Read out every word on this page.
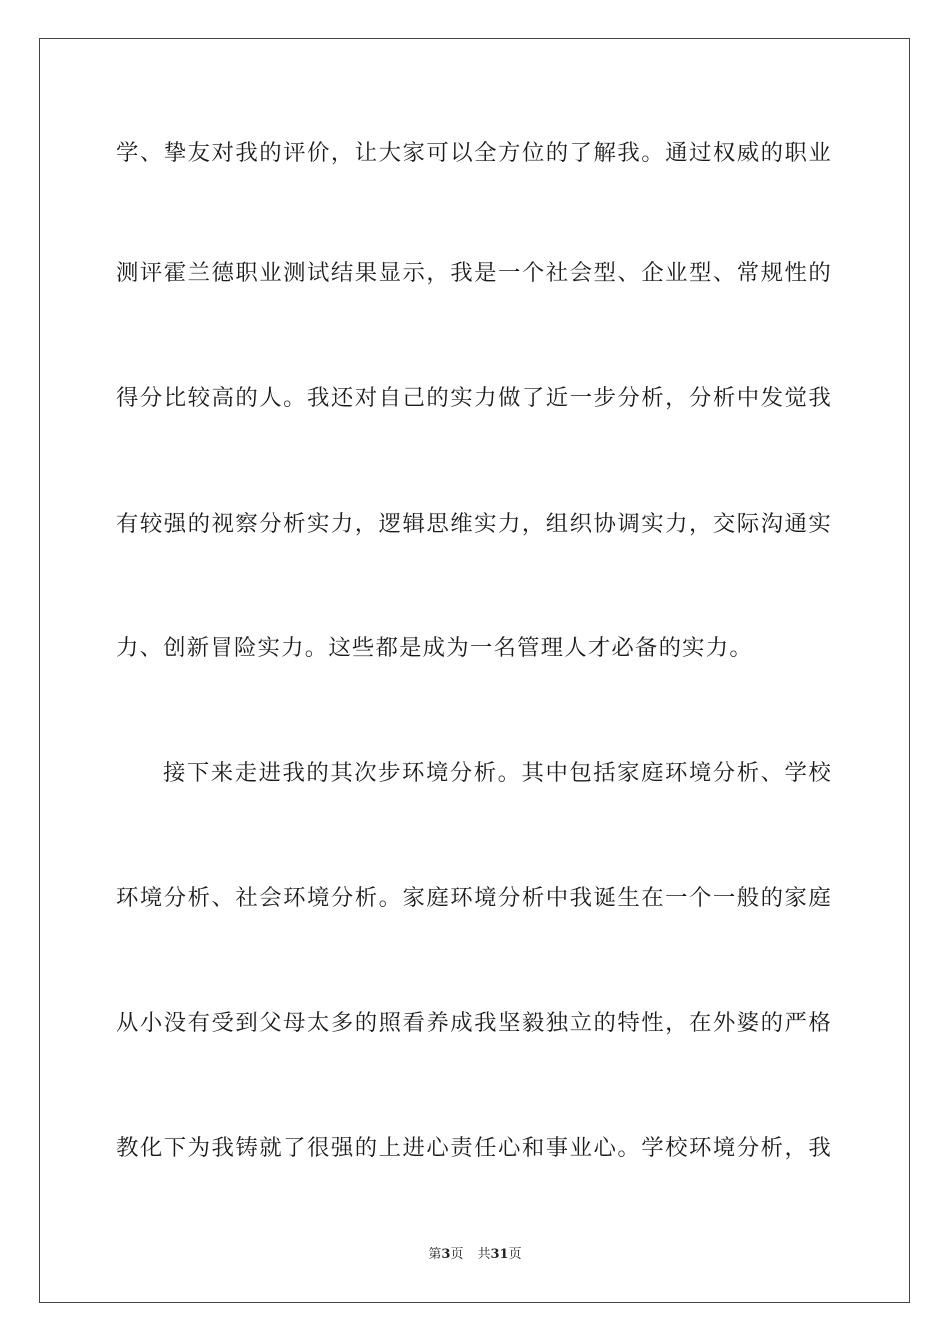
学、挚友对我的评价，让大家可以全方位的了解我。通过权威的职业
测评霍兰德职业测试结果显示，我是一个社会型、企业型、常规性的
得分比较高的人。我还对自己的实力做了近一步分析，分析中发觉我
有较强的视察分析实力，逻辑思维实力，组织协调实力，交际沟通实
力、创新冒险实力。这些都是成为一名管理人才必备的实力。
接下来走进我的其次步环境分析。其中包括家庭环境分析、学校
环境分析、社会环境分析。家庭环境分析中我诞生在一个一般的家庭
从小没有受到父母太多的照看养成我坚毅独立的特性，在外婆的严格
教化下为我铸就了很强的上进心责任心和事业心。学校环境分析，我
第3页 共31页
